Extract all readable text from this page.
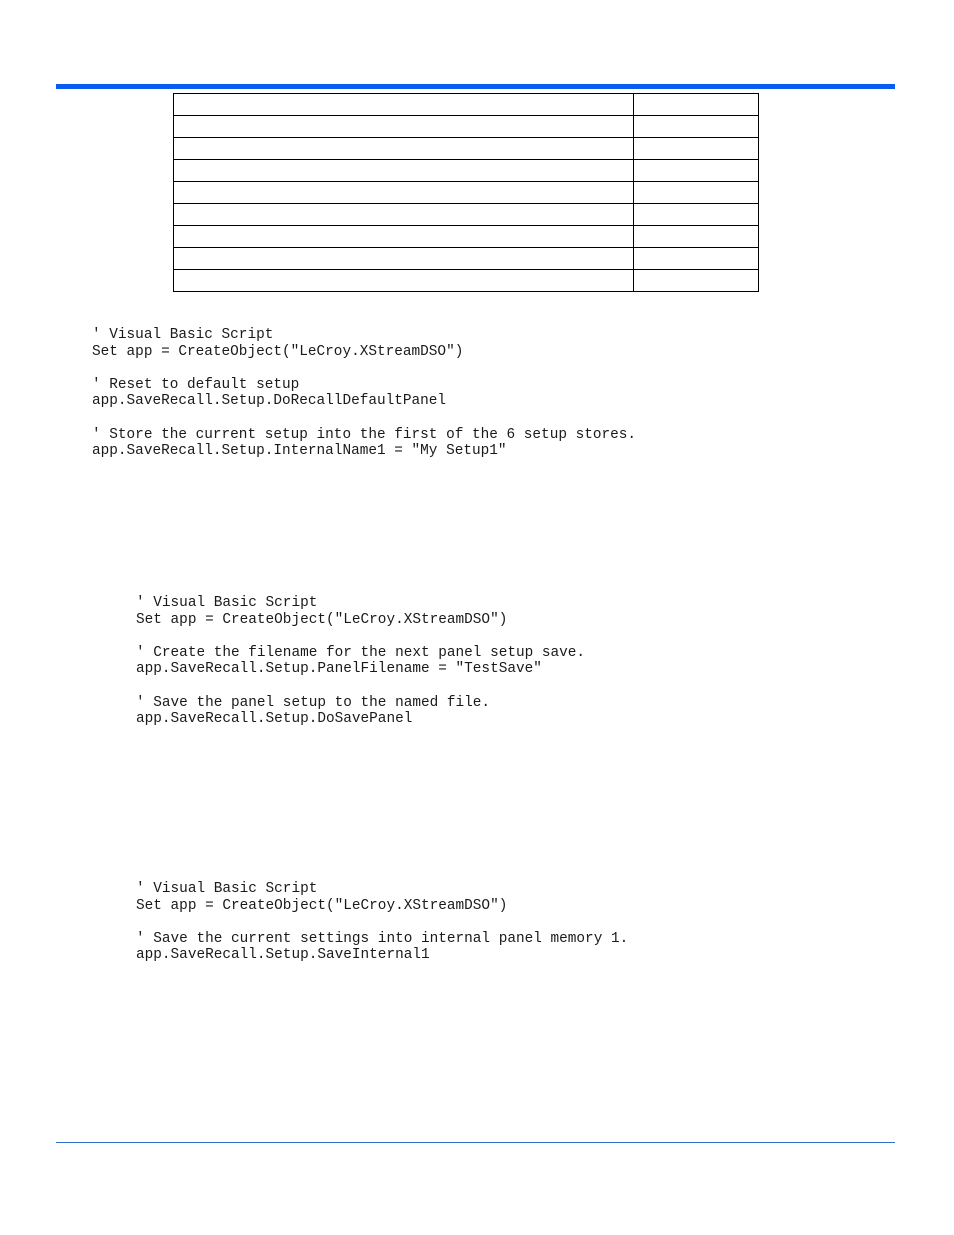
' Visual Basic Script
Set app = CreateObject("LeCroy.XStreamDSO")

' Reset to default setup
app.SaveRecall.Setup.DoRecallDefaultPanel

' Store the current setup into the first of the 6 setup stores.
app.SaveRecall.Setup.InternalName1 = "My Setup1"
' Visual Basic Script
Set app = CreateObject("LeCroy.XStreamDSO")

' Create the filename for the next panel setup save.
app.SaveRecall.Setup.PanelFilename = "TestSave"

' Save the panel setup to the named file.
app.SaveRecall.Setup.DoSavePanel
' Visual Basic Script
Set app = CreateObject("LeCroy.XStreamDSO")

' Save the current settings into internal panel memory 1.
app.SaveRecall.Setup.SaveInternal1
